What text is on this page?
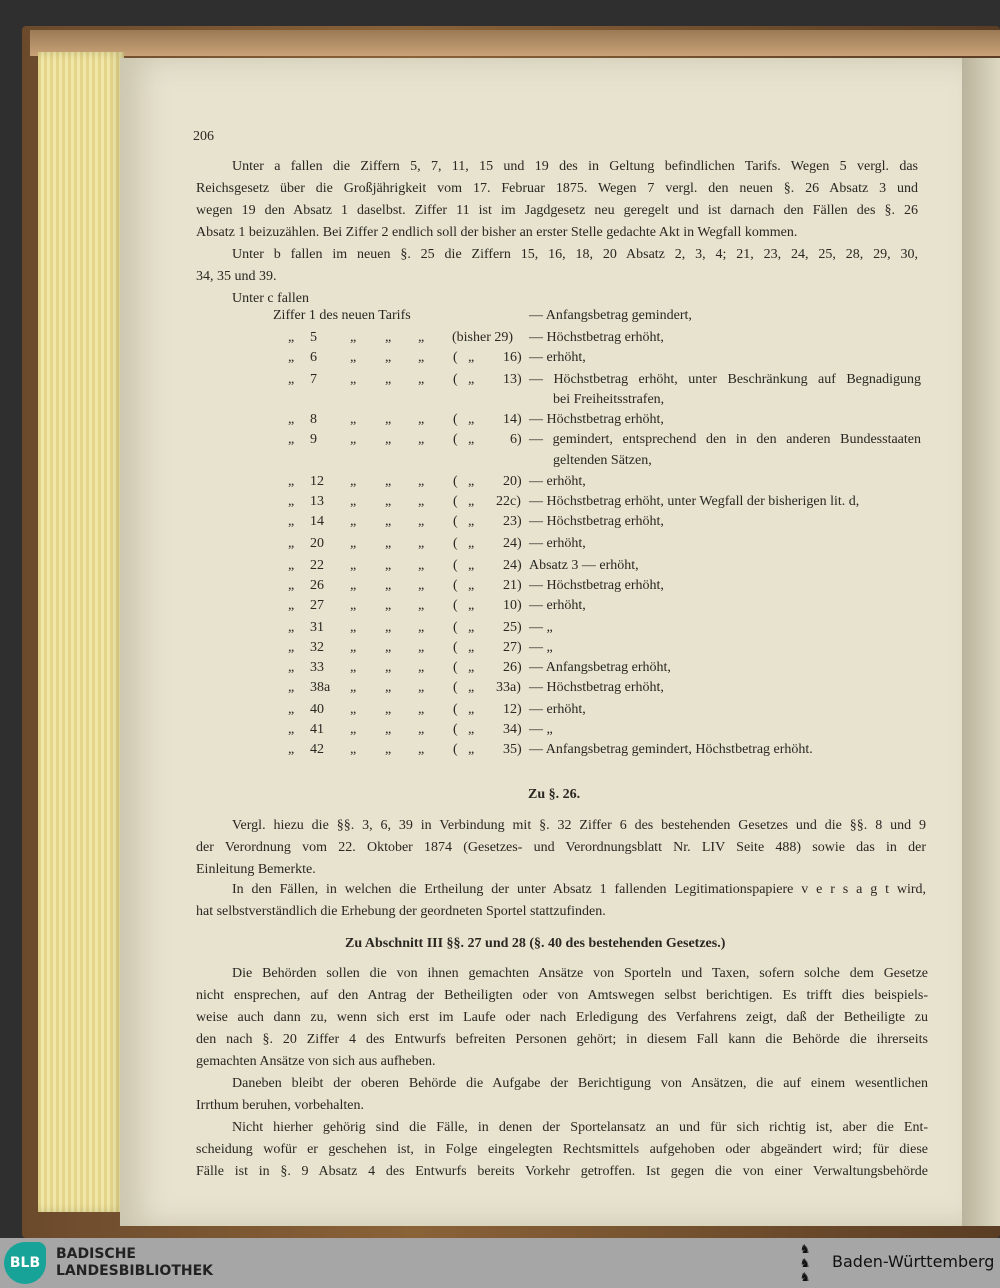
206
Unter a fallen die Ziffern 5, 7, 11, 15 und 19 des in Geltung befindlichen Tarifs. Wegen 5 vergl. das
Reichsgesetz über die Großjährigkeit vom 17. Februar 1875. Wegen 7 vergl. den neuen §. 26 Absatz 3 und
wegen 19 den Absatz 1 daselbst. Ziffer 11 ist im Jagdgesetz neu geregelt und ist darnach den Fällen des §. 26
Absatz 1 beizuzählen. Bei Ziffer 2 endlich soll der bisher an erster Stelle gedachte Akt in Wegfall kommen.
Unter b fallen im neuen §. 25 die Ziffern 15, 16, 18, 20 Absatz 2, 3, 4; 21, 23, 24, 25, 28, 29, 30,
34, 35 und 39.
Unter c fallen
Ziffer 1 des neuen Tarifs	— Anfangsbetrag gemindert,
„ 5 „ „ „ (bisher 29) — Höchstbetrag erhöht,
„ 6 „ „ „ ( „ 16) — erhöht,
„ 7 „ „ „ ( „ 13) — Höchstbetrag erhöht, unter Beschränkung auf Begnadigung
bei Freiheitsstrafen,
„ 8 „ „ „ ( „ 14) — Höchstbetrag erhöht,
„ 9 „ „ „ ( „	6) — gemindert, entsprechend den in den anderen Bundesstaaten
geltenden Sätzen,
„ 12 „ „ „ ( „ 20) — erhöht,
„ 13 „ „ „ ( „ 22c) — Höchstbetrag erhöht, unter Wegfall der bisherigen lit. d,
„ 14 „ „ „ ( „ 23) — Höchstbetrag erhöht,
„ 20 „ „ „ ( „ 24) — erhöht,
„ 22 „ „ „ ( „ 24) Absatz 3 — erhöht,
„ 26 „ „ „ ( „ 21) — Höchstbetrag erhöht,
„ 27 „ „ „ ( „ 10) — erhöht,
„ 31 „ „ „ ( „ 25) — „
„ 32 „ „ „ ( „ 27) — „
„ 33 „ „ „ ( „ 26) — Anfangsbetrag erhöht,
„ 38a „ „ „ ( „ 33a) — Höchstbetrag erhöht,
„ 40 „ „ „ ( „ 12) — erhöht,
„ 41 „ „ „ ( „ 34) — „
„ 42 „ „ „ ( „ 35) — Anfangsbetrag gemindert, Höchstbetrag erhöht.
Zu §. 26.
Vergl. hiezu die §§. 3, 6, 39 in Verbindung mit §. 32 Ziffer 6 des bestehenden Gesetzes und die §§. 8 und 9
der Verordnung vom 22. Oktober 1874 (Gesetzes- und Verordnungsblatt Nr. LIV Seite 488) sowie das in der
Einleitung Bemerkte.
In den Fällen, in welchen die Ertheilung der unter Absatz 1 fallenden Legitimationspapiere v e r s a g t wird,
hat selbstverständlich die Erhebung der geordneten Sportel stattzufinden.
Zu Abschnitt III §§. 27 und 28 (§. 40 des bestehenden Gesetzes.)
Die Behörden sollen die von ihnen gemachten Ansätze von Sporteln und Taxen, sofern solche dem Gesetze
nicht ensprechen, auf den Antrag der Betheiligten oder von Amtswegen selbst berichtigen. Es trifft dies beispiels-
weise auch dann zu, wenn sich erst im Laufe oder nach Erledigung des Verfahrens zeigt, daß der Betheiligte zu
den nach §. 20 Ziffer 4 des Entwurfs befreiten Personen gehört; in diesem Fall kann die Behörde die ihrerseits
gemachten Ansätze von sich aus aufheben.
Daneben bleibt der oberen Behörde die Aufgabe der Berichtigung von Ansätzen, die auf einem wesentlichen
Irrthum beruhen, vorbehalten.
Nicht hierher gehörig sind die Fälle, in denen der Sportelansatz an und für sich richtig ist, aber die Ent-
scheidung wofür er geschehen ist, in Folge eingelegten Rechtsmittels aufgehoben oder abgeändert wird; für diese
Fälle ist in §. 9 Absatz 4 des Entwurfs bereits Vorkehr getroffen. Ist gegen die von einer Verwaltungsbehörde
BLB
BADISCHE
LANDESBIBLIOTHEK
♞
♞
♞
Baden-Württemberg
